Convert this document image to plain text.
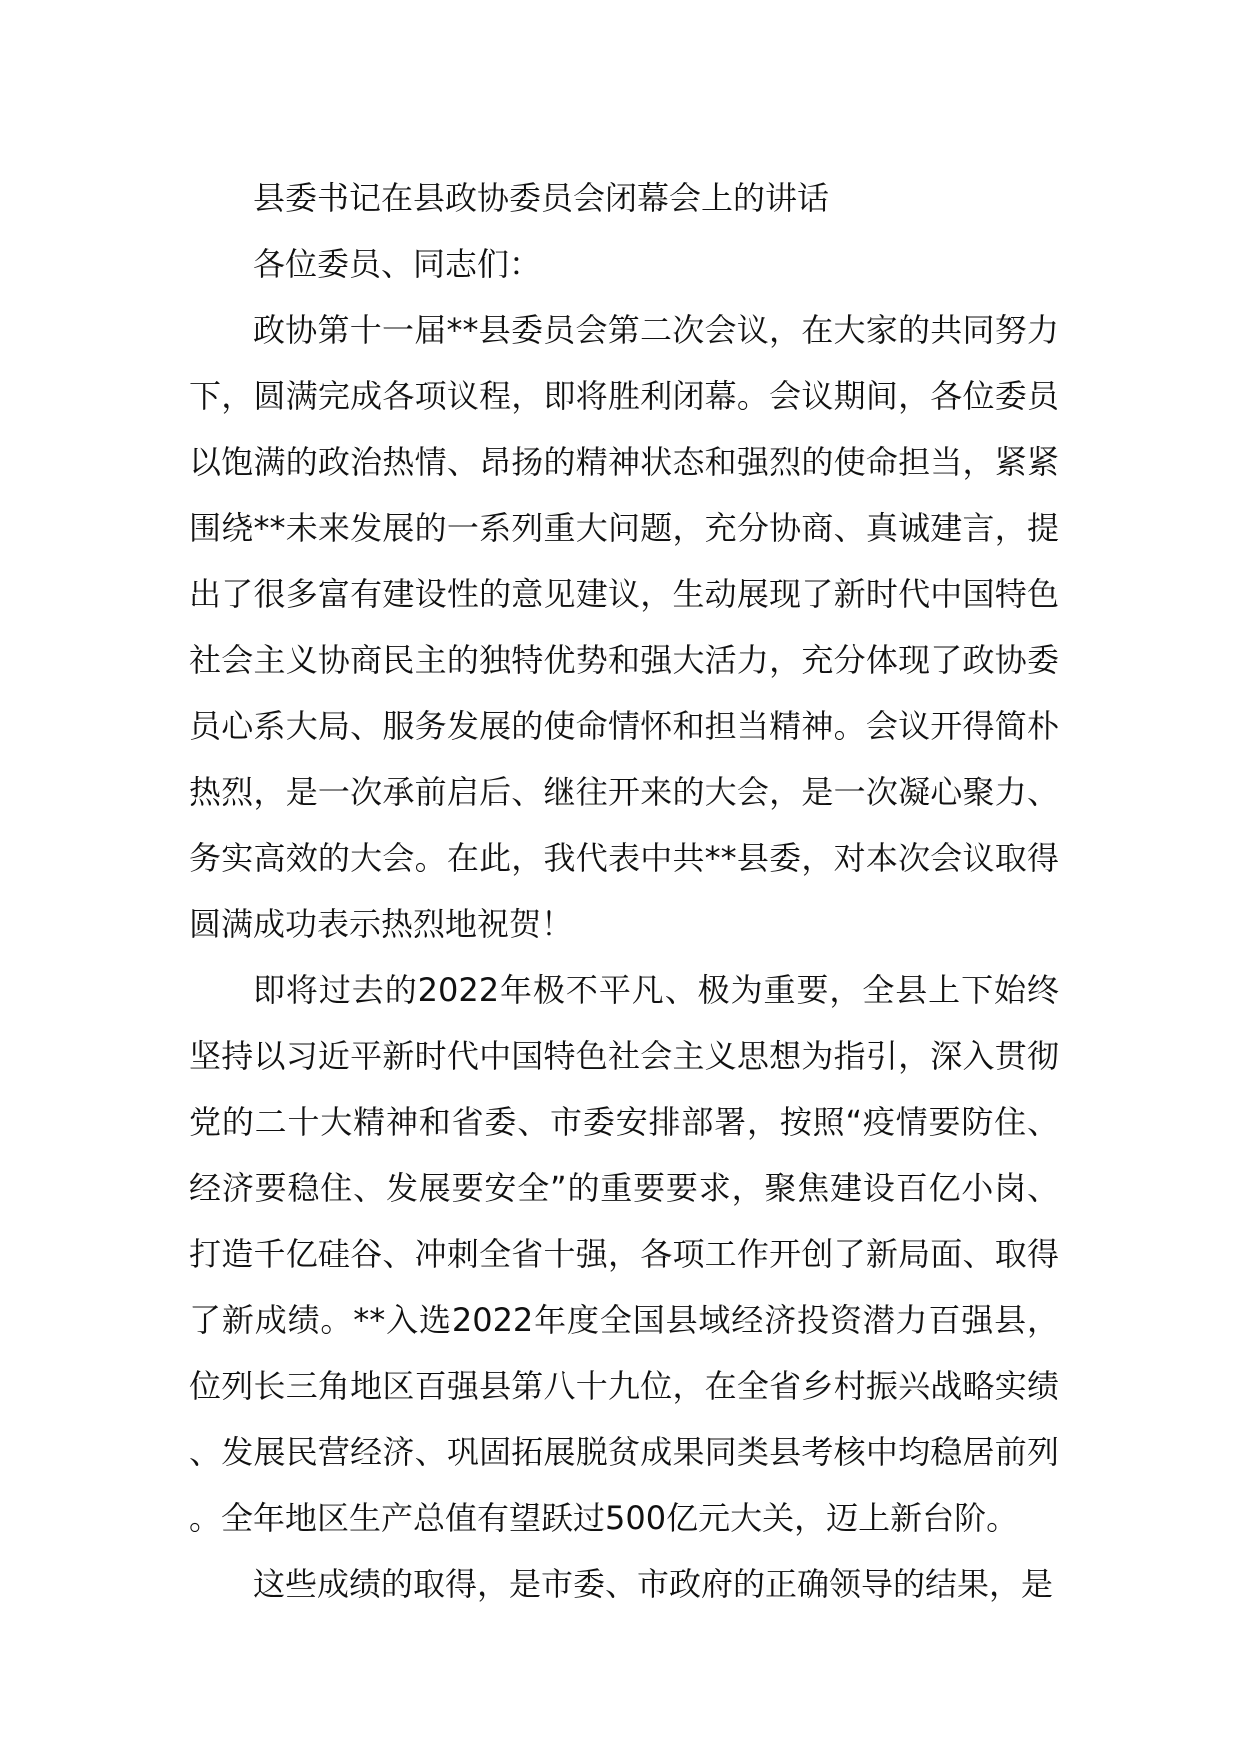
县委书记在县政协委员会闭幕会上的讲话

各位委员、同志们：

政协第十一届**县委员会第二次会议，在大家的共同努力下，圆满完成各项议程，即将胜利闭幕。会议期间，各位委员以饱满的政治热情、昂扬的精神状态和强烈的使命担当，紧紧围绕**未来发展的一系列重大问题，充分协商、真诚建言，提出了很多富有建设性的意见建议，生动展现了新时代中国特色社会主义协商民主的独特优势和强大活力，充分体现了政协委员心系大局、服务发展的使命情怀和担当精神。会议开得简朴热烈，是一次承前启后、继往开来的大会，是一次凝心聚力、务实高效的大会。在此，我代表中共**县委，对本次会议取得圆满成功表示热烈地祝贺！

即将过去的2022年极不平凡、极为重要，全县上下始终坚持以习近平新时代中国特色社会主义思想为指引，深入贯彻党的二十大精神和省委、市委安排部署，按照“疫情要防住、经济要稳住、发展要安全”的重要要求，聚焦建设百亿小岗、打造千亿硅谷、冲刺全省十强，各项工作开创了新局面、取得了新成绩。**入选2022年度全国县域经济投资潜力百强县，位列长三角地区百强县第八十九位，在全省乡村振兴战略实绩、发展民营经济、巩固拓展脱贫成果同类县考核中均稳居前列。全年地区生产总值有望跃过500亿元大关，迈上新台阶。

这些成绩的取得，是市委、市政府的正确领导的结果，是
